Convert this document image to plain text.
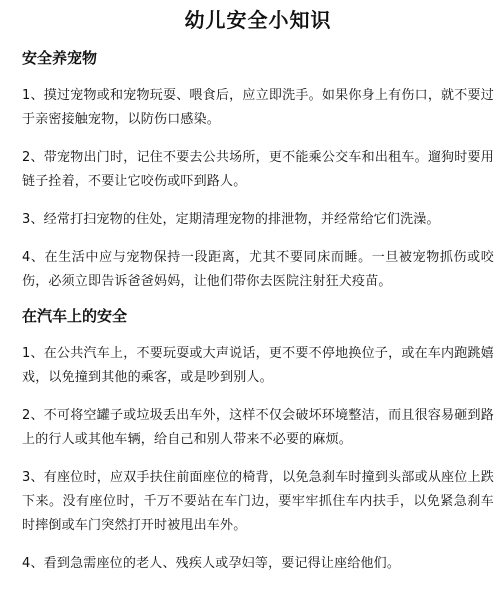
幼儿安全小知识
安全养宠物

1、摸过宠物或和宠物玩耍、喂食后，应立即洗手。如果你身上有伤口，就不要过于亲密接触宠物，以防伤口感染。

2、带宠物出门时，记住不要去公共场所，更不能乘公交车和出租车。遛狗时要用链子拴着，不要让它咬伤或吓到路人。

3、经常打扫宠物的住处，定期清理宠物的排泄物，并经常给它们洗澡。

4、在生活中应与宠物保持一段距离，尤其不要同床而睡。一旦被宠物抓伤或咬伤，必须立即告诉爸爸妈妈，让他们带你去医院注射狂犬疫苗。

在汽车上的安全

1、在公共汽车上，不要玩耍或大声说话，更不要不停地换位子，或在车内跑跳嬉戏，以免撞到其他的乘客，或是吵到别人。

2、不可将空罐子或垃圾丢出车外，这样不仅会破坏环境整洁，而且很容易砸到路上的行人或其他车辆，给自己和别人带来不必要的麻烦。

3、有座位时，应双手扶住前面座位的椅背，以免急刹车时撞到头部或从座位上跌下来。没有座位时，千万不要站在车门边，要牢牢抓住车内扶手，以免紧急刹车时摔倒或车门突然打开时被甩出车外。

4、看到急需座位的老人、残疾人或孕妇等，要记得让座给他们。
